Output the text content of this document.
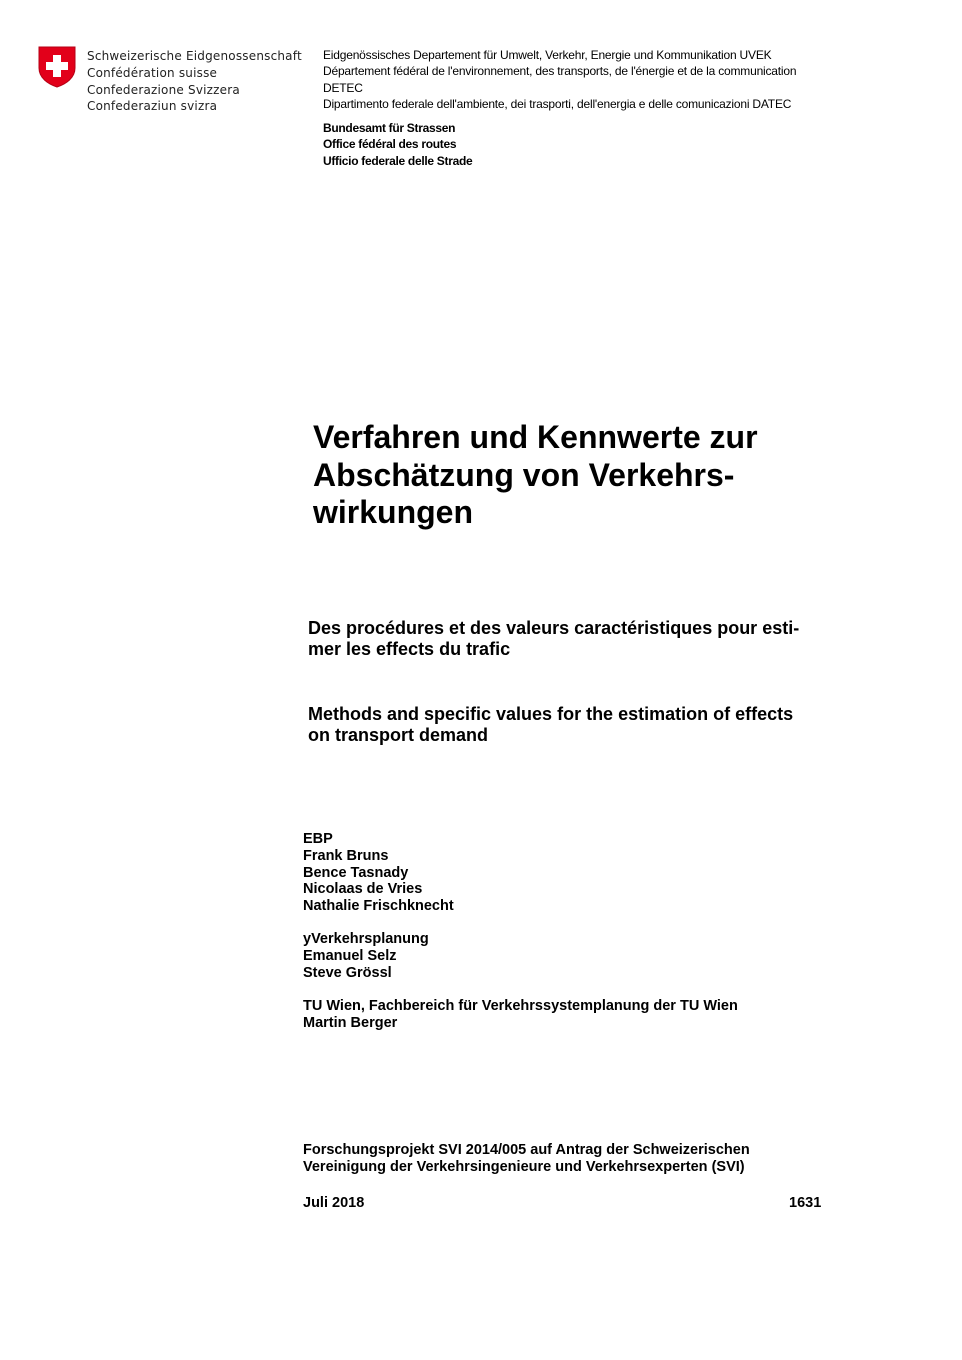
Schweizerische Eidgenossenschaft
Confédération suisse
Confederazione Svizzera
Confederaziun svizra
Eidgenössisches Departement für Umwelt, Verkehr, Energie und Kommunikation UVEK
Département fédéral de l'environnement, des transports, de l'énergie et de la communication
DETEC
Dipartimento federale dell'ambiente, dei trasporti, dell'energia e delle comunicazioni DATEC
Bundesamt für Strassen
Office fédéral des routes
Ufficio federale delle Strade
Verfahren und Kennwerte zur
Abschätzung von Verkehrs-
wirkungen
Des procédures et des valeurs caractéristiques pour esti-
mer les effects du trafic
Methods and specific values for the estimation of effects
on transport demand
EBP
Frank Bruns
Bence Tasnady
Nicolaas de Vries
Nathalie Frischknecht
yVerkehrsplanung
Emanuel Selz
Steve Grössl
TU Wien, Fachbereich für Verkehrssystemplanung der TU Wien
Martin Berger
Forschungsprojekt SVI 2014/005 auf Antrag der Schweizerischen
Vereinigung der Verkehrsingenieure und Verkehrsexperten (SVI)
Juli 2018	1631
